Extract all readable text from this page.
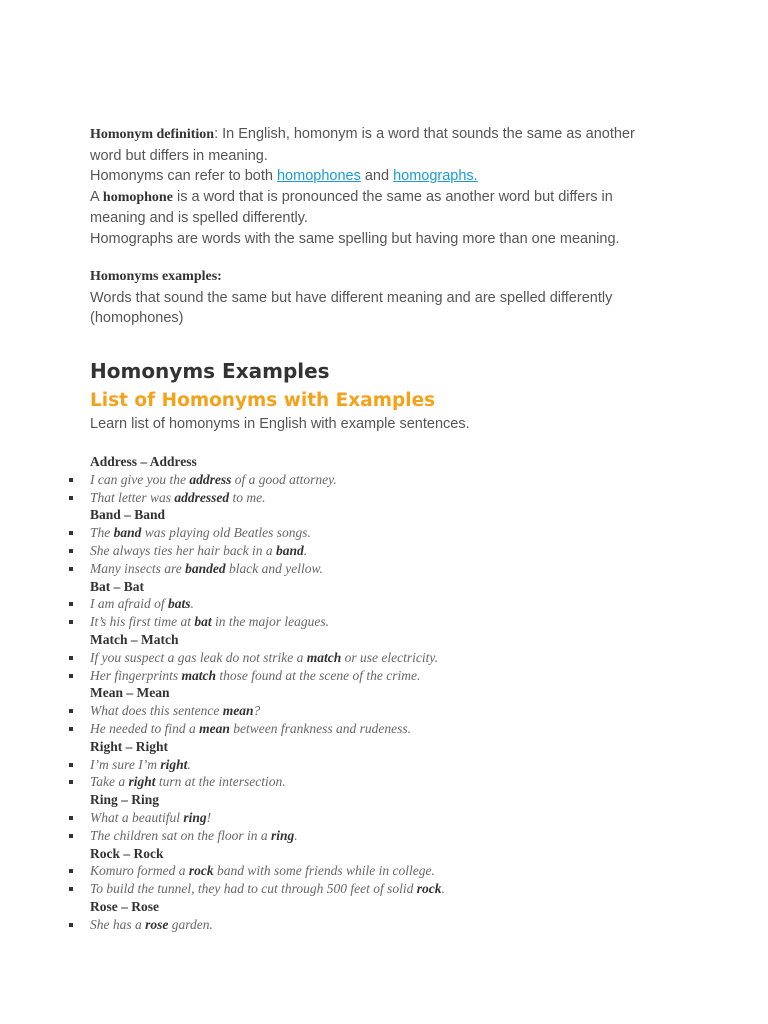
Homonym definition: In English, homonym is a word that sounds the same as another word but differs in meaning.

Homonyms can refer to both homophones and homographs.

A homophone is a word that is pronounced the same as another word but differs in meaning and is spelled differently.

Homographs are words with the same spelling but having more than one meaning.

Homonyms examples:

Words that sound the same but have different meaning and are spelled differently (homophones)

Homonyms Examples
List of Homonyms with Examples

Learn list of homonyms in English with example sentences.

Address – Address

I can give you the address of a good attorney.
That letter was addressed to me.

Band – Band

The band was playing old Beatles songs.
She always ties her hair back in a band.
Many insects are banded black and yellow.

Bat – Bat

I am afraid of bats.
It’s his first time at bat in the major leagues.

Match – Match

If you suspect a gas leak do not strike a match or use electricity.
Her fingerprints match those found at the scene of the crime.

Mean – Mean

What does this sentence mean?
He needed to find a mean between frankness and rudeness.

Right – Right

I’m sure I’m right.
Take a right turn at the intersection.

Ring – Ring

What a beautiful ring!
The children sat on the floor in a ring.

Rock – Rock

Komuro formed a rock band with some friends while in college.
To build the tunnel, they had to cut through 500 feet of solid rock.

Rose – Rose

She has a rose garden.
